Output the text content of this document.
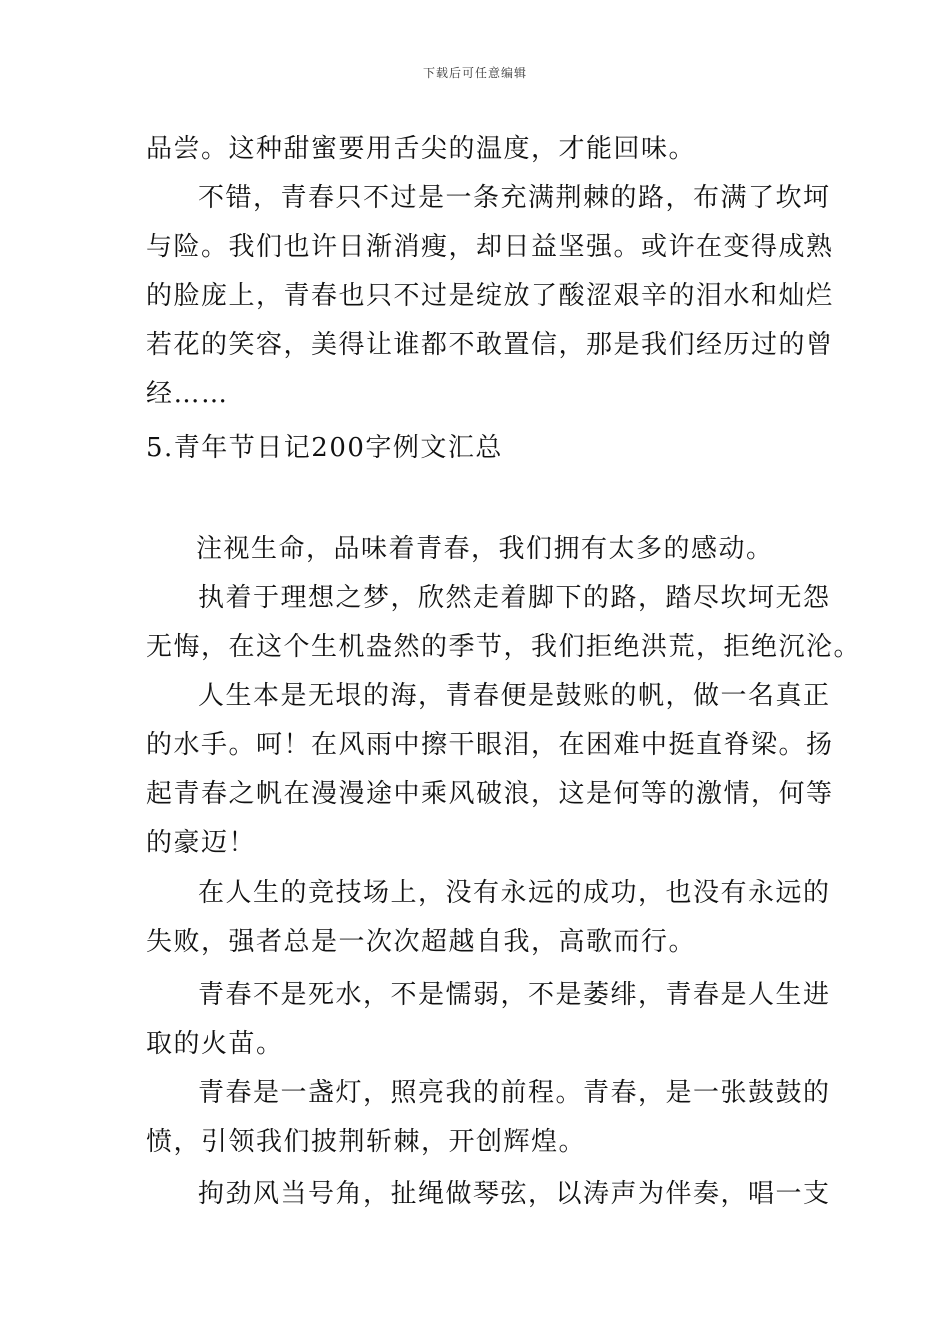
下载后可任意编辑
品尝。这种甜蜜要用舌尖的温度，才能回味。
不错，青春只不过是一条充满荆棘的路，布满了坎坷
与险。我们也许日渐消瘦，却日益坚强。或许在变得成熟
的脸庞上，青春也只不过是绽放了酸涩艰辛的泪水和灿烂
若花的笑容，美得让谁都不敢置信，那是我们经历过的曾
经……
5.青年节日记200字例文汇总
注视生命，品味着青春，我们拥有太多的感动。
执着于理想之梦，欣然走着脚下的路，踏尽坎坷无怨
无悔，在这个生机盎然的季节，我们拒绝洪荒，拒绝沉沦。
人生本是无垠的海，青春便是鼓账的帆，做一名真正
的水手。呵！在风雨中擦干眼泪，在困难中挺直脊梁。扬
起青春之帆在漫漫途中乘风破浪，这是何等的激情，何等
的豪迈！
在人生的竞技场上，没有永远的成功，也没有永远的
失败，强者总是一次次超越自我，高歌而行。
青春不是死水，不是懦弱，不是萎绯，青春是人生进
取的火苗。
青春是一盏灯，照亮我的前程。青春，是一张鼓鼓的
愤，引领我们披荆斩棘，开创辉煌。
拘劲风当号角，扯绳做琴弦，以涛声为伴奏，唱一支
